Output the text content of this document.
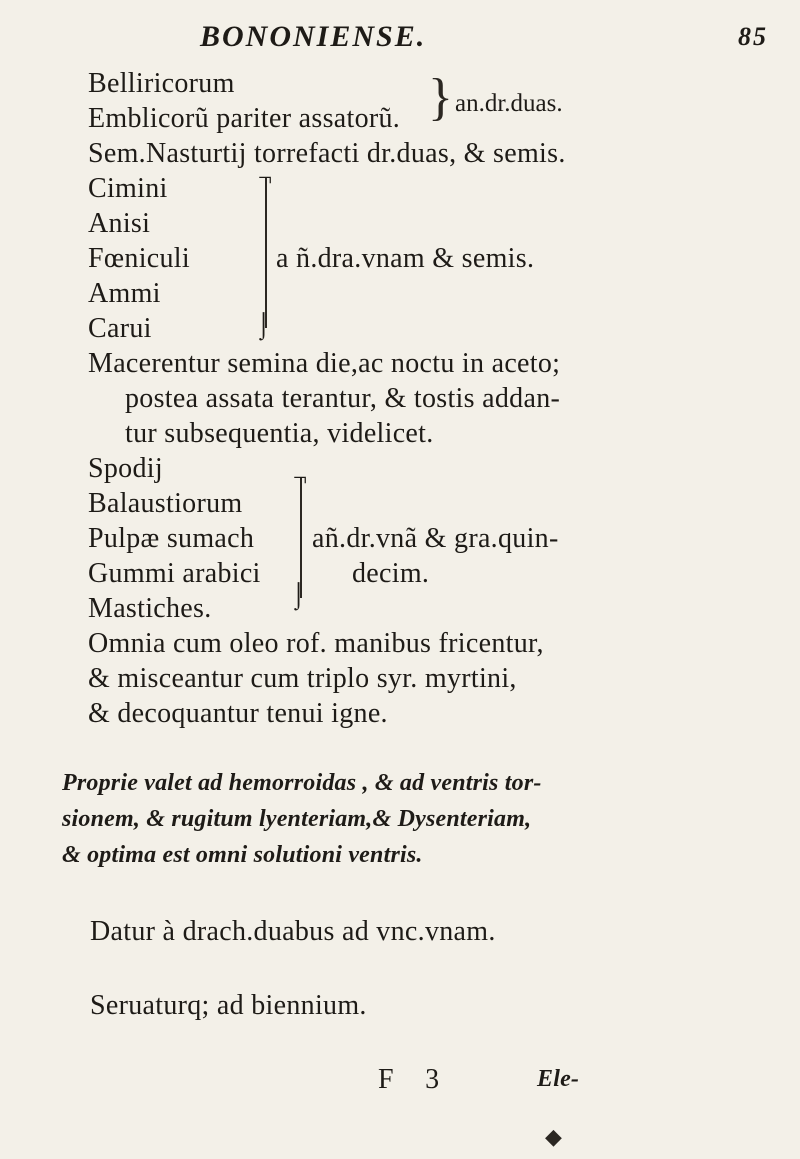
BONONIENSE.	85
Belliricorum
Emblicorũ pariter assatorũ. } an.dr.duas.
Sem.Nasturtij torrefacti dr.duas, & semis.
Cimini
Anisi
Fœniculi
Ammi
Carui
¬
⌡
a ñ.dra.vnam & semis.
Macerentur semina die,ac noctu in aceto;
postea assata terantur, & tostis addan-
tur subsequentia, videlicet.
Spodij
Balaustiorum
Pulpæ sumach
Gummi arabici
Mastiches.
¬
⌡
añ.dr.vnã & gra.quin-
decim.
Omnia cum oleo rof. manibus fricentur,
& misceantur cum triplo syr. myrtini,
& decoquantur tenui igne.
Proprie valet ad hemorroidas , & ad ventris tor-
sionem, & rugitum lyenteriam,& Dysenteriam,
& optima est omni solutioni ventris.
Datur à drach.duabus ad vnc.vnam.
Seruaturq; ad biennium.
F 3	Ele-
◆
